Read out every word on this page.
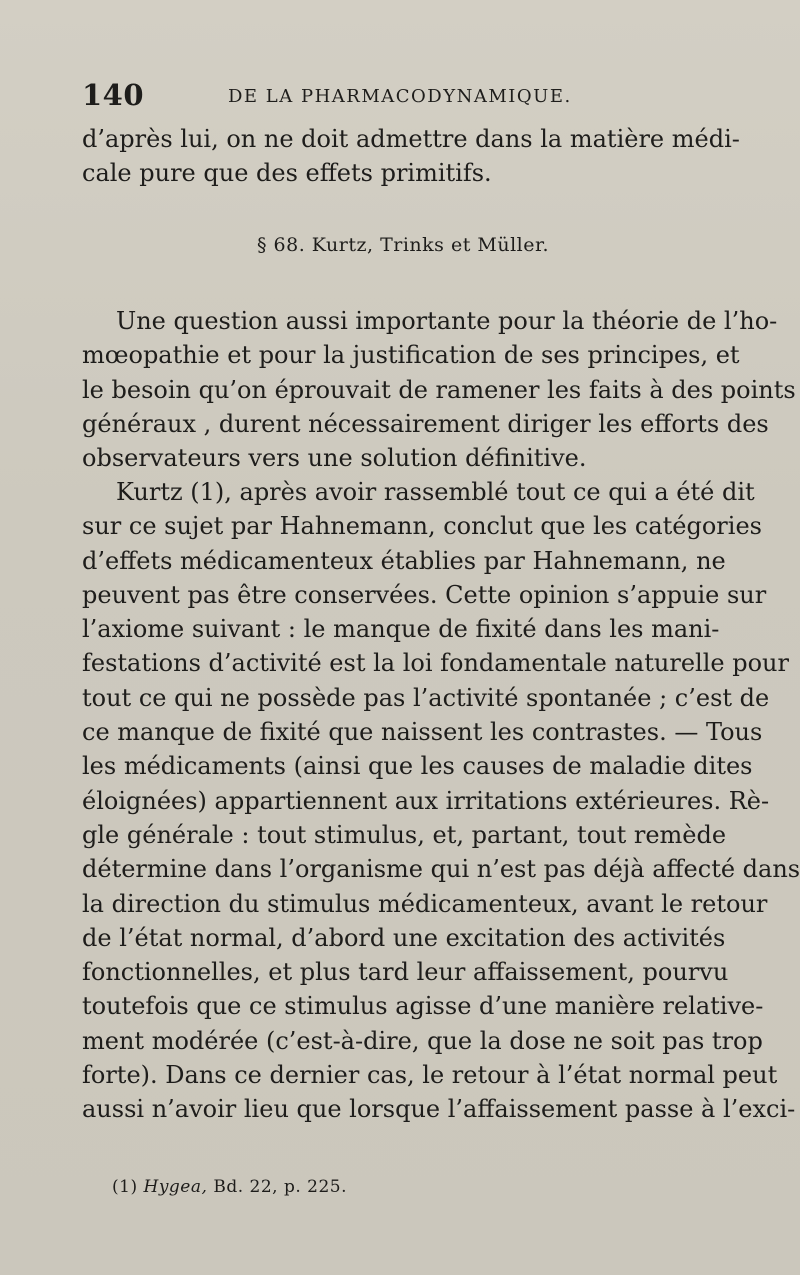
140	DE LA PHARMACODYNAMIQUE.
d’après lui, on ne doit admettre dans la matière médi-
cale pure que des effets primitifs.
§ 68. Kurtz, Trinks et Müller.
Une question aussi importante pour la théorie de l’ho-
mœopathie et pour la justification de ses principes, et
le besoin qu’on éprouvait de ramener les faits à des points
généraux , durent nécessairement diriger les efforts des
observateurs vers une solution définitive.
Kurtz (1), après avoir rassemblé tout ce qui a été dit
sur ce sujet par Hahnemann, conclut que les catégories
d’effets médicamenteux établies par Hahnemann, ne
peuvent pas être conservées. Cette opinion s’appuie sur
l’axiome suivant : le manque de fixité dans les mani-
festations d’activité est la loi fondamentale naturelle pour
tout ce qui ne possède pas l’activité spontanée ; c’est de
ce manque de fixité que naissent les contrastes. — Tous
les médicaments (ainsi que les causes de maladie dites
éloignées) appartiennent aux irritations extérieures. Rè-
gle générale : tout stimulus, et, partant, tout remède
détermine dans l’organisme qui n’est pas déjà affecté dans
la direction du stimulus médicamenteux, avant le retour
de l’état normal, d’abord une excitation des activités
fonctionnelles, et plus tard leur affaissement, pourvu
toutefois que ce stimulus agisse d’une manière relative-
ment modérée (c’est-à-dire, que la dose ne soit pas trop
forte). Dans ce dernier cas, le retour à l’état normal peut
aussi n’avoir lieu que lorsque l’affaissement passe à l’exci-
(1) Hygea, Bd. 22, p. 225.
